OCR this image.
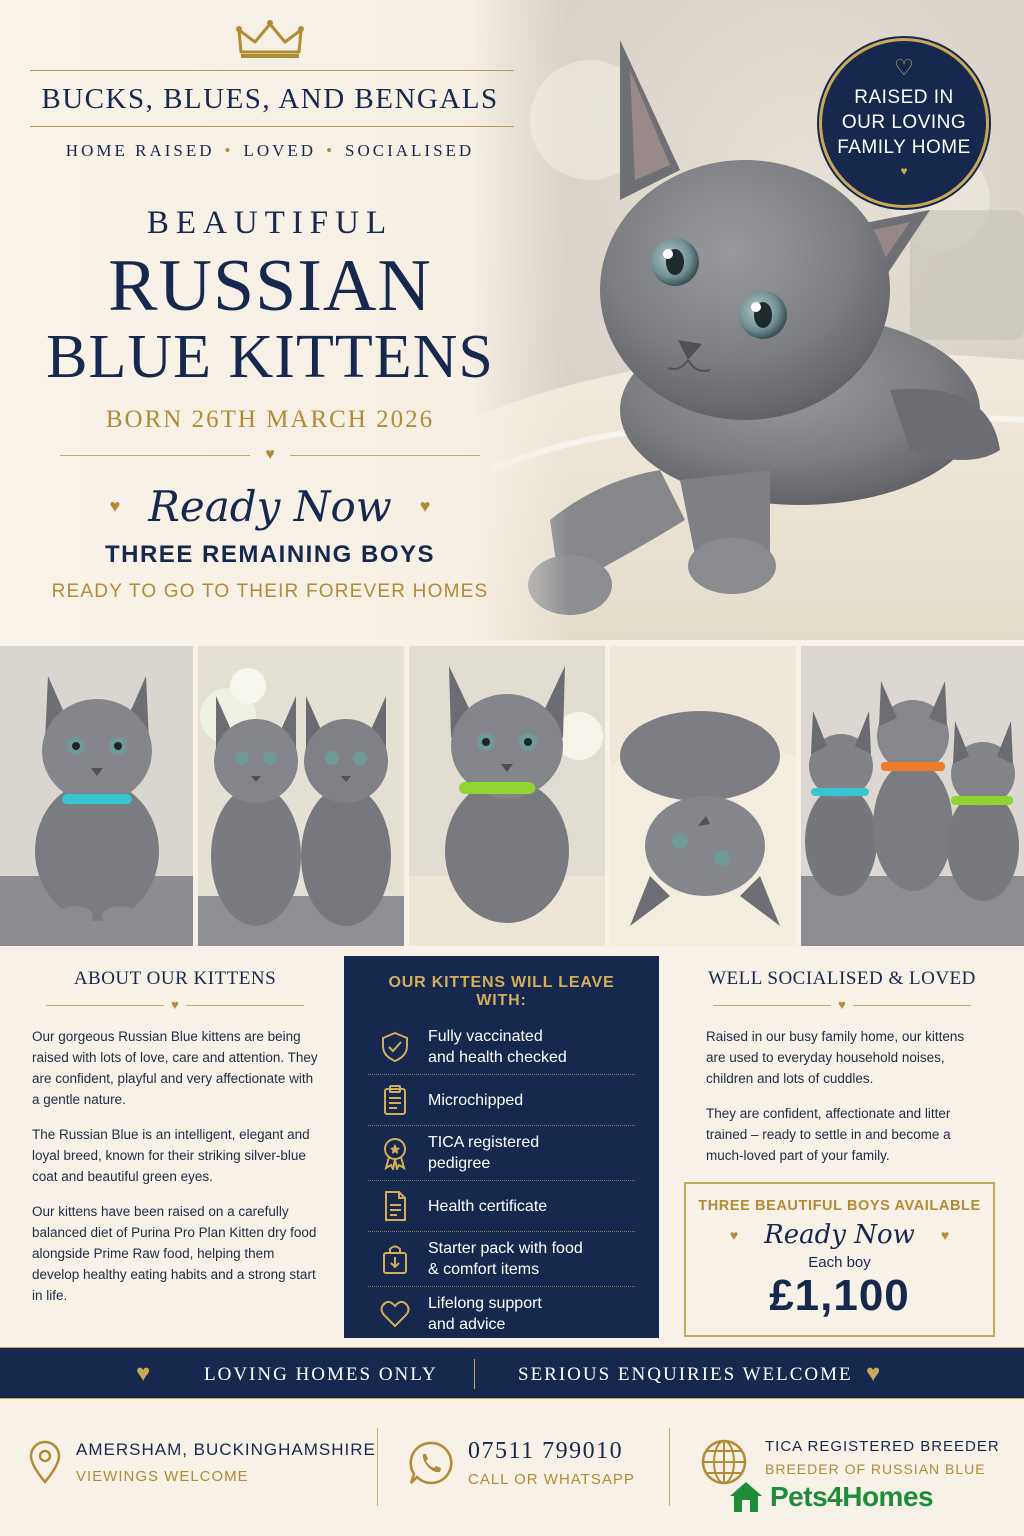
BUCKS, BLUES, AND BENGALS
HOME RAISED • LOVED • SOCIALISED
BEAUTIFUL
RUSSIAN
BLUE KITTENS
BORN 26TH MARCH 2026
♥
♥ Ready Now ♥
THREE REMAINING BOYS
READY TO GO TO THEIR FOREVER HOMES
♡
RAISED IN
OUR LOVING
FAMILY HOME
♥
ABOUT OUR KITTENS
♥

Our gorgeous Russian Blue kittens are being raised with lots of love, care and attention. They are confident, playful and very affectionate with a gentle nature.

The Russian Blue is an intelligent, elegant and loyal breed, known for their striking silver-blue coat and beautiful green eyes.

Our kittens have been raised on a carefully balanced diet of Purina Pro Plan Kitten dry food alongside Prime Raw food, helping them develop healthy eating habits and a strong start in life.

OUR KITTENS WILL LEAVE WITH:
Fully vaccinated
and health checked
Microchipped
TICA registered
pedigree
Health certificate
Starter pack with food
& comfort items
Lifelong support
and advice
WELL SOCIALISED & LOVED
♥

Raised in our busy family home, our kittens are used to everyday household noises, children and lots of cuddles.

They are confident, affectionate and litter trained – ready to settle in and become a much-loved part of your family.

THREE BEAUTIFUL BOYS AVAILABLE
♥ Ready Now ♥
Each boy
£1,100
♥	LOVING HOMES ONLY	SERIOUS ENQUIRIES WELCOME ♥
AMERSHAM, BUCKINGHAMSHIRE
VIEWINGS WELCOME
07511 799010
CALL OR WHATSAPP
TICA REGISTERED BREEDER
BREEDER OF RUSSIAN BLUE
Pets4Homes
